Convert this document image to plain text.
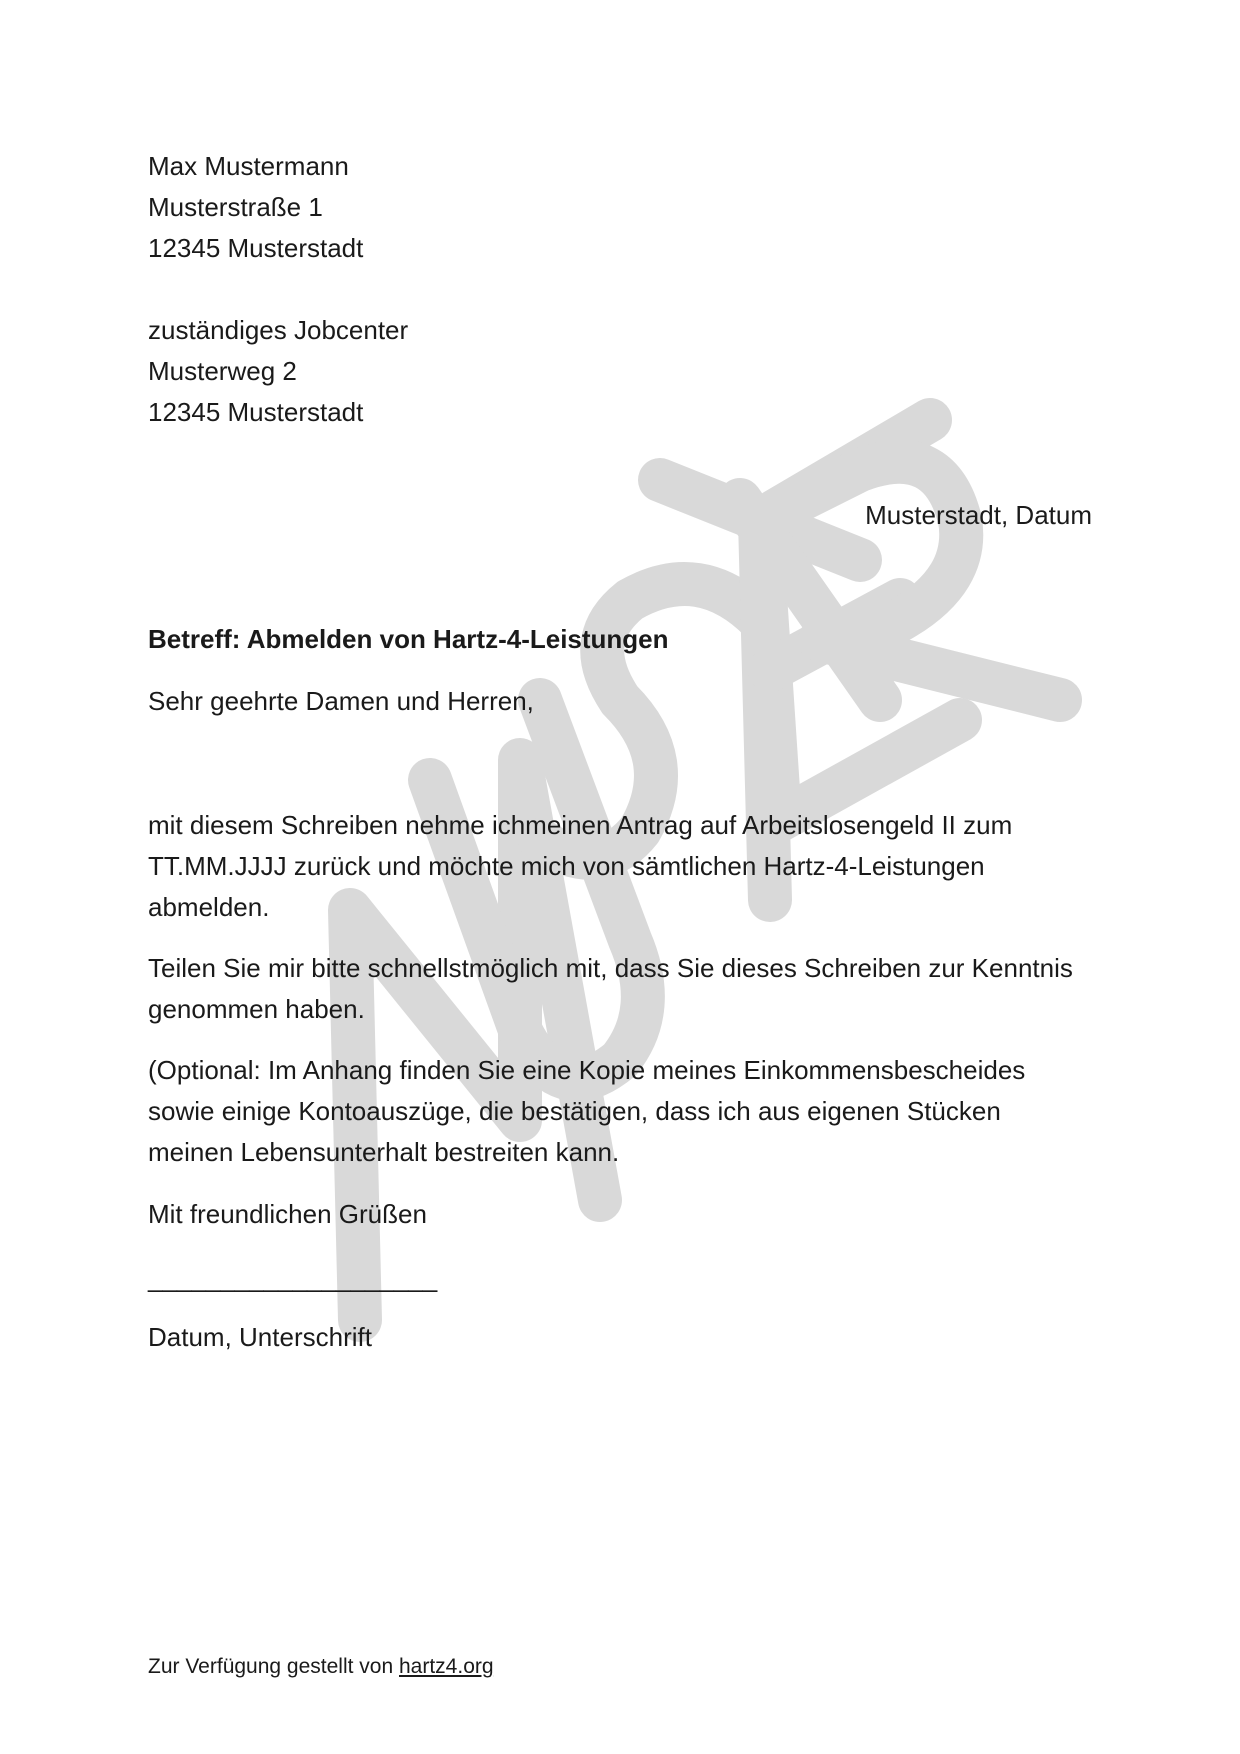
Max Mustermann
Musterstraße 1
12345 Musterstadt
zuständiges Jobcenter
Musterweg 2
12345 Musterstadt
Musterstadt, Datum
Betreff: Abmelden von Hartz-4-Leistungen
Sehr geehrte Damen und Herren,
mit diesem Schreiben nehme ichmeinen Antrag auf Arbeitslosengeld II zum
TT.MM.JJJJ zurück und möchte mich von sämtlichen Hartz-4-Leistungen
abmelden.
Teilen Sie mir bitte schnellstmöglich mit, dass Sie dieses Schreiben zur Kenntnis
genommen haben.
(Optional: Im Anhang finden Sie eine Kopie meines Einkommensbescheides
sowie einige Kontoauszüge, die bestätigen, dass ich aus eigenen Stücken
meinen Lebensunterhalt bestreiten kann.
Mit freundlichen Grüßen
____________________
Datum, Unterschrift
Zur Verfügung gestellt von hartz4.org
